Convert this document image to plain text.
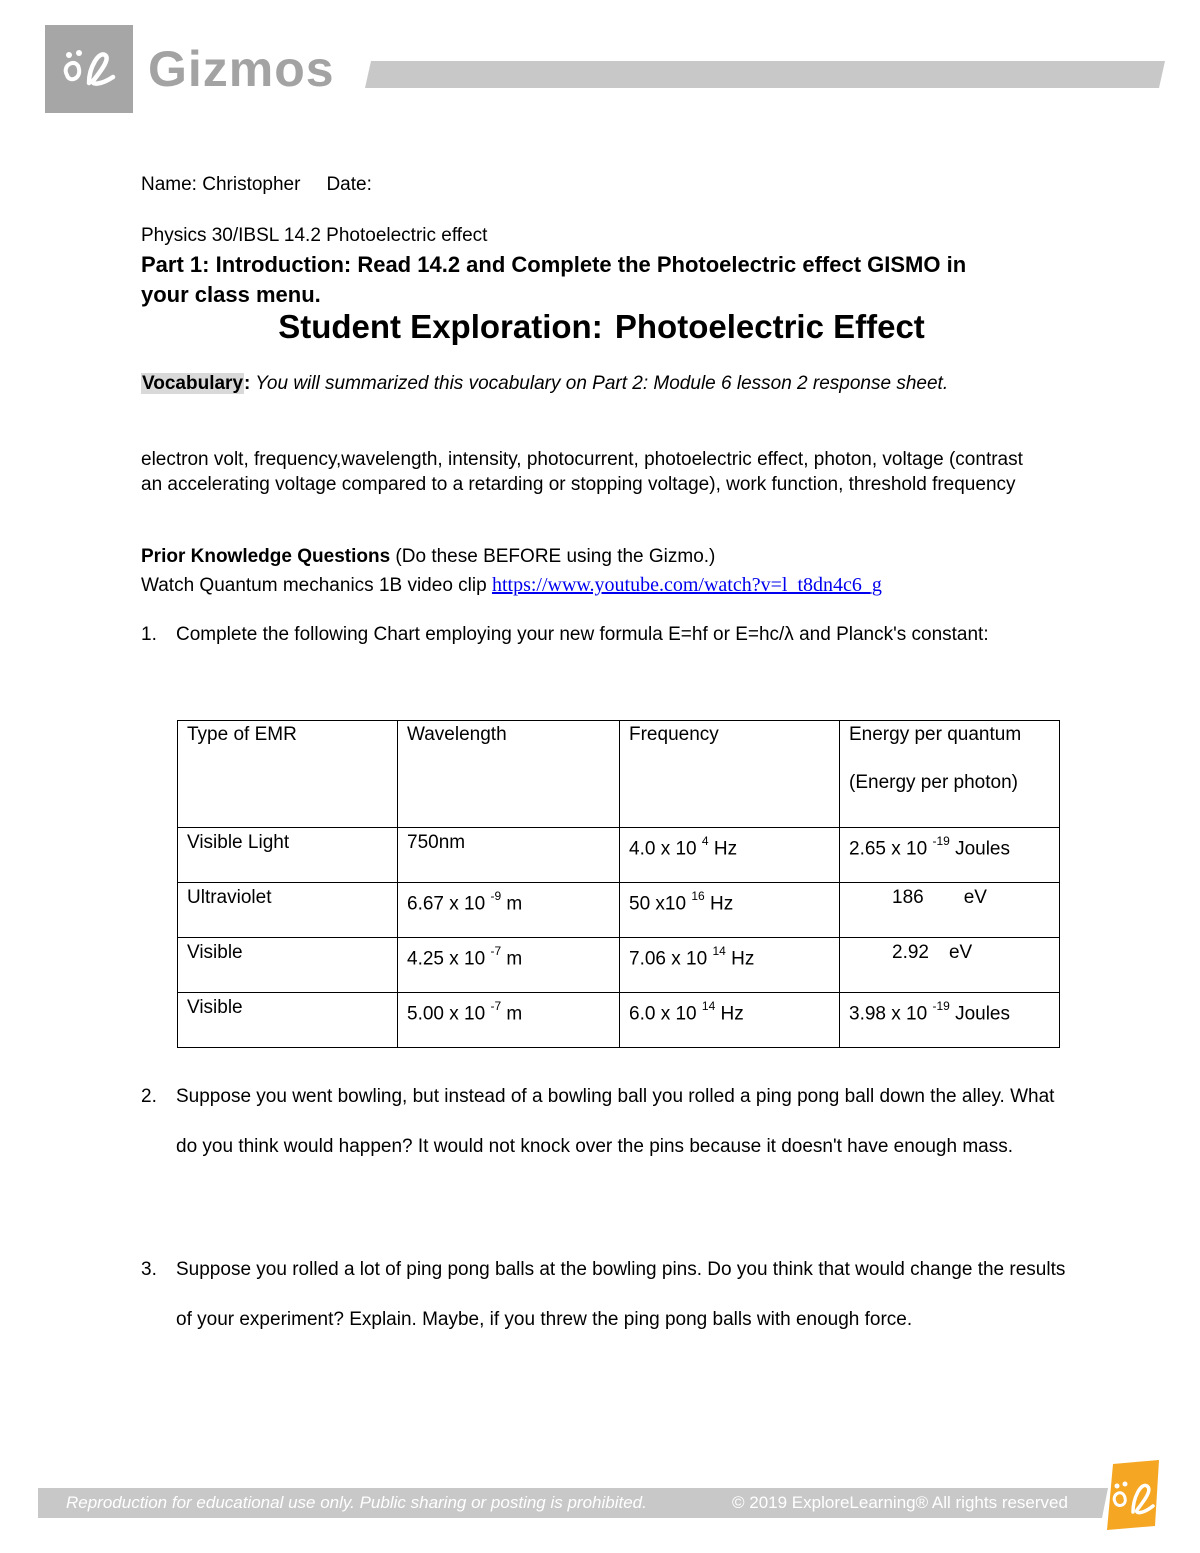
Gizmos
Name: Christopher Date:
Physics 30/IBSL 14.2 Photoelectric effect
Part 1: Introduction: Read 14.2 and Complete the Photoelectric effect GISMO in your class menu.
Student Exploration: Photoelectric Effect
Vocabulary: You will summarized this vocabulary on Part 2: Module 6 lesson 2 response sheet.
electron volt, frequency,wavelength, intensity, photocurrent, photoelectric effect, photon, voltage (contrast an accelerating voltage compared to a retarding or stopping voltage), work function, threshold frequency
Prior Knowledge Questions (Do these BEFORE using the Gizmo.)
Watch Quantum mechanics 1B video clip https://www.youtube.com/watch?v=l_t8dn4c6_g
1. Complete the following Chart employing your new formula E=hf or E=hc/λ and Planck's constant:
Type of EMR	Wavelength	Frequency	Energy per quantum
(Energy per photon)

Visible Light	750nm	4.0 x 10 $^4$ Hz	2.65 x 10 $^{-19}$ Joules
Ultraviolet	6.67 x 10 $^{-9}$ m	50 x10 $^{16}$ Hz	186 eV
Visible	4.25 x 10 $^{-7}$ m	7.06 x 10 $^{14}$ Hz	2.92 eV
Visible	5.00 x 10 $^{-7}$ m	6.0 x 10 $^{14}$ Hz	3.98 x 10 $^{-19}$ Joules
2. Suppose you went bowling, but instead of a bowling ball you rolled a ping pong ball down the alley. What do you think would happen? It would not knock over the pins because it doesn't have enough mass.
3. Suppose you rolled a lot of ping pong balls at the bowling pins. Do you think that would change the results of your experiment? Explain. Maybe, if you threw the ping pong balls with enough force.
Reproduction for educational use only. Public sharing or posting is prohibited.	© 2019 ExploreLearning® All rights reserved
